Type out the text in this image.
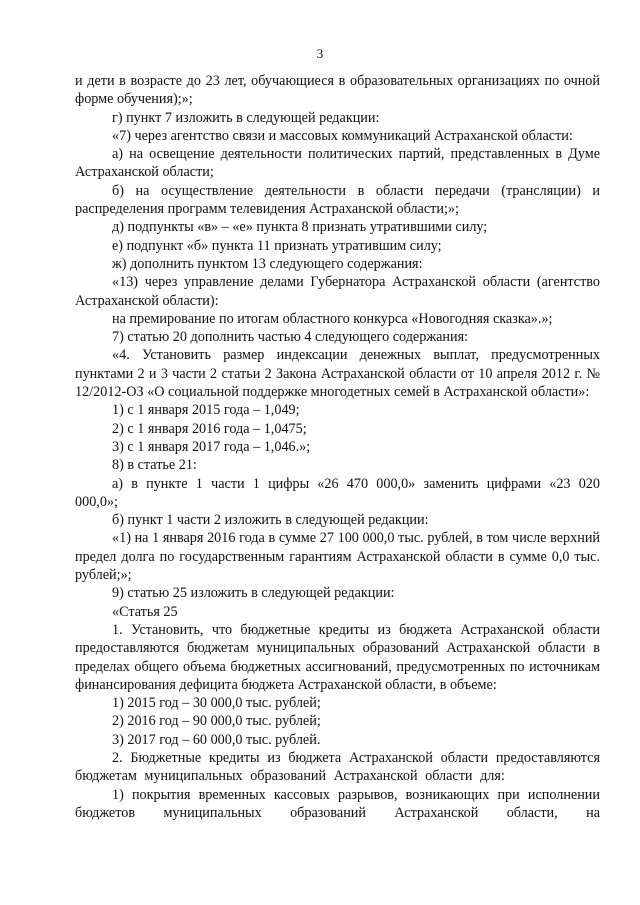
3

и дети в возрасте до 23 лет, обучающиеся в образовательных организациях по очной форме обучения);»;

г) пункт 7 изложить в следующей редакции:

«7) через агентство связи и массовых коммуникаций Астраханской области:

а) на освещение деятельности политических партий, представленных в Думе Астраханской области;

б) на осуществление деятельности в области передачи (трансляции) и распределения программ телевидения Астраханской области;»;

д) подпункты «в» – «е» пункта 8 признать утратившими силу;

е) подпункт «б» пункта 11 признать утратившим силу;

ж) дополнить пунктом 13 следующего содержания:

«13) через управление делами Губернатора Астраханской области (агентство Астраханской области):

на премирование по итогам областного конкурса «Новогодняя сказка».»;

7) статью 20 дополнить частью 4 следующего содержания:

«4. Установить размер индексации денежных выплат, предусмотренных пунктами 2 и 3 части 2 статьи 2 Закона Астраханской области от 10 апреля 2012 г. № 12/2012-ОЗ «О социальной поддержке многодетных семей в Астраханской области»:

1) с 1 января 2015 года – 1,049;

2) с 1 января 2016 года – 1,0475;

3) с 1 января 2017 года – 1,046.»;

8) в статье 21:

а) в пункте 1 части 1 цифры «26 470 000,0» заменить цифрами «23 020 000,0»;

б) пункт 1 части 2 изложить в следующей редакции:

«1) на 1 января 2016 года в сумме 27 100 000,0 тыс. рублей, в том числе верхний предел долга по государственным гарантиям Астраханской области в сумме 0,0 тыс. рублей;»;

9) статью 25 изложить в следующей редакции:

«Статья 25

1. Установить, что бюджетные кредиты из бюджета Астраханской области предоставляются бюджетам муниципальных образований Астраханской области в пределах общего объема бюджетных ассигнований, предусмотренных по источникам финансирования дефицита бюджета Астраханской области, в объеме:

1) 2015 год – 30 000,0 тыс. рублей;

2) 2016 год – 90 000,0 тыс. рублей;

3) 2017 год – 60 000,0 тыс. рублей.

2. Бюджетные кредиты из бюджета Астраханской области предоставляются бюджетам муниципальных образований Астраханской области для:

1) покрытия временных кассовых разрывов, возникающих при исполнении бюджетов муниципальных образований Астраханской области, на
